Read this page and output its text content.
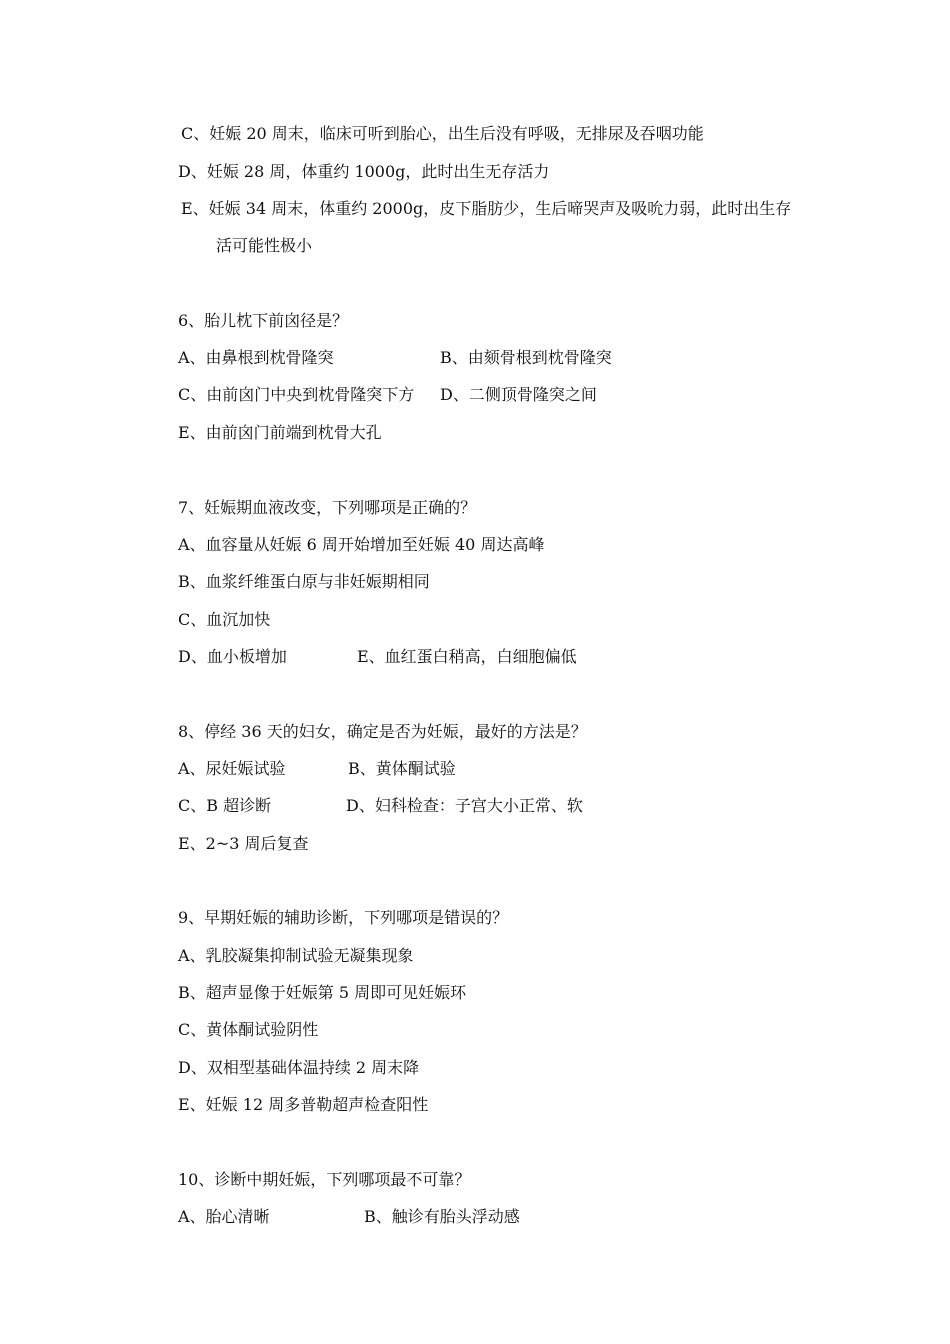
C、妊娠 20 周末，临床可听到胎心，出生后没有呼吸，无排尿及吞咽功能
D、妊娠 28 周，体重约 1000g，此时出生无存活力
E、妊娠 34 周末，体重约 2000g，皮下脂肪少，生后啼哭声及吸吮力弱，此时出生存
活可能性极小
6、胎儿枕下前囟径是？
A、由鼻根到枕骨隆突	B、由颏骨根到枕骨隆突
C、由前囟门中央到枕骨隆突下方 D、二侧顶骨隆突之间
E、由前囟门前端到枕骨大孔
7、妊娠期血液改变，下列哪项是正确的？
A、血容量从妊娠 6 周开始增加至妊娠 40 周达高峰
B、血浆纤维蛋白原与非妊娠期相同
C、血沉加快
D、血小板增加	E、血红蛋白稍高，白细胞偏低
8、停经 36 天的妇女，确定是否为妊娠，最好的方法是？
A、尿妊娠试验	B、黄体酮试验
C、B 超诊断	D、妇科检查：子宫大小正常、软
E、2~3 周后复查
9、早期妊娠的辅助诊断，下列哪项是错误的？
A、乳胶凝集抑制试验无凝集现象
B、超声显像于妊娠第 5 周即可见妊娠环
C、黄体酮试验阴性
D、双相型基础体温持续 2 周末降
E、妊娠 12 周多普勒超声检查阳性
10、诊断中期妊娠，下列哪项最不可靠？
A、胎心清晰	B、触诊有胎头浮动感
